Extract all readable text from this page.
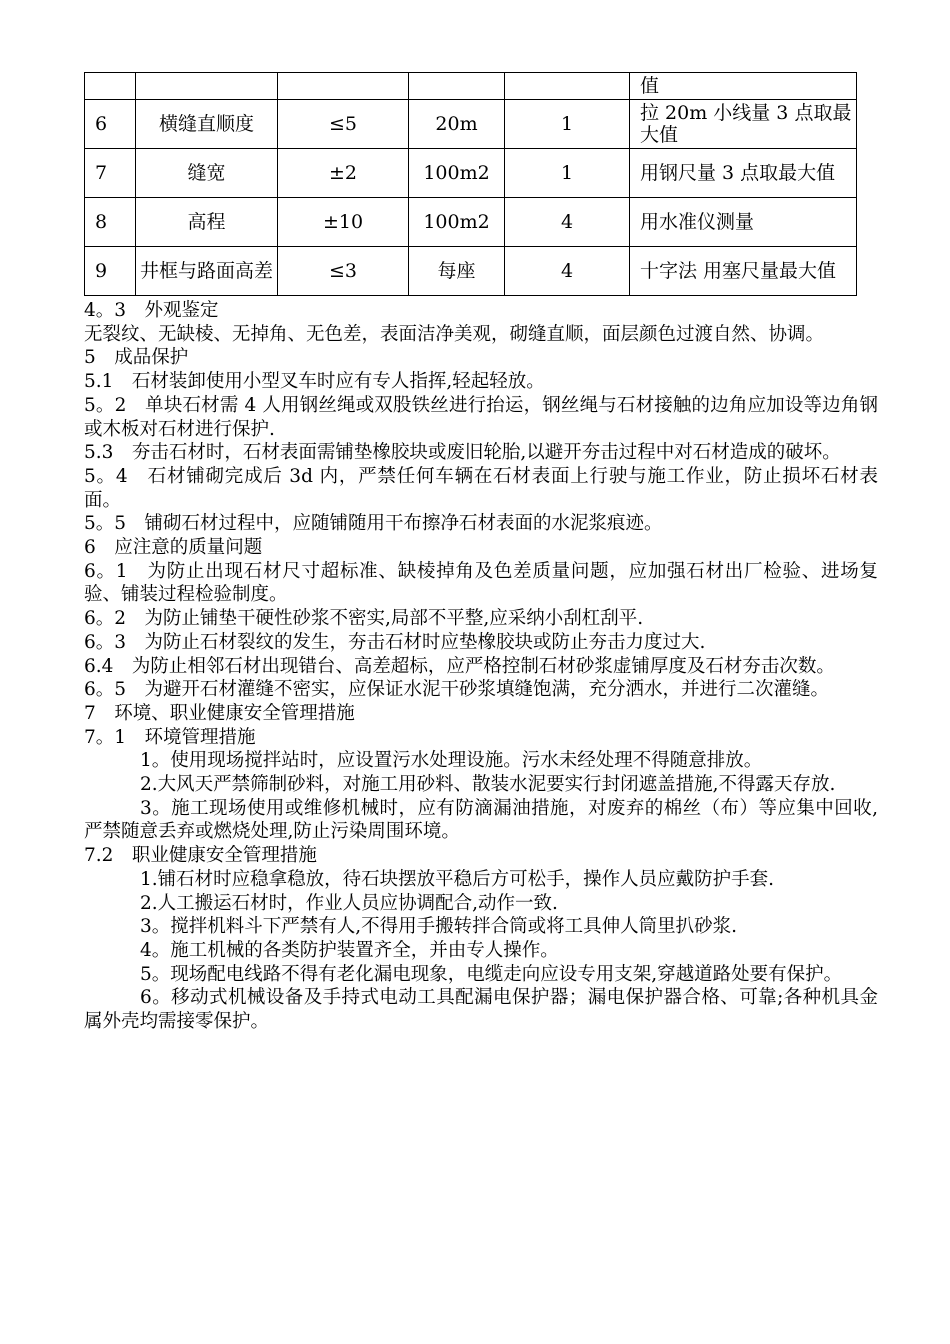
					值
6	横缝直顺度	≤5	20m	1	拉 20m 小线量 3 点取最大值
7	缝宽	±2	100m2	1	用钢尺量 3 点取最大值
8	高程	±10	100m2	4	用水准仪测量
9	井框与路面高差	≤3	每座	4	十字法 用塞尺量最大值

4。3　外观鉴定

无裂纹、无缺棱、无掉角、无色差，表面洁净美观，砌缝直顺，面层颜色过渡自然、协调。

5　成品保护

5.1　石材装卸使用小型叉车时应有专人指挥,轻起轻放。

5。2　单块石材需 4 人用钢丝绳或双股铁丝进行抬运，钢丝绳与石材接触的边角应加设等边角钢或木板对石材进行保护.

5.3　夯击石材时，石材表面需铺垫橡胶块或废旧轮胎,以避开夯击过程中对石材造成的破坏。

5。4　石材铺砌完成后 3d 内，严禁任何车辆在石材表面上行驶与施工作业，防止损坏石材表面。

5。5　铺砌石材过程中，应随铺随用干布擦净石材表面的水泥浆痕迹。

6　应注意的质量问题

6。1　为防止出现石材尺寸超标准、缺棱掉角及色差质量问题，应加强石材出厂检验、进场复验、铺装过程检验制度。

6。2　为防止铺垫干硬性砂浆不密实,局部不平整,应采纳小刮杠刮平.

6。3　为防止石材裂纹的发生，夯击石材时应垫橡胶块或防止夯击力度过大.

6.4　为防止相邻石材出现错台、高差超标，应严格控制石材砂浆虚铺厚度及石材夯击次数。

6。5　为避开石材灌缝不密实，应保证水泥干砂浆填缝饱满，充分洒水，并进行二次灌缝。

7　环境、职业健康安全管理措施

7。1　环境管理措施

1。使用现场搅拌站时，应设置污水处理设施。污水未经处理不得随意排放。

2.大风天严禁筛制砂料，对施工用砂料、散装水泥要实行封闭遮盖措施,不得露天存放.

3。施工现场使用或维修机械时，应有防滴漏油措施，对废弃的棉丝（布）等应集中回收,严禁随意丢弃或燃烧处理,防止污染周围环境。

7.2　职业健康安全管理措施

1.铺石材时应稳拿稳放，待石块摆放平稳后方可松手，操作人员应戴防护手套.

2.人工搬运石材时，作业人员应协调配合,动作一致.

3。搅拌机料斗下严禁有人,不得用手搬转拌合筒或将工具伸人筒里扒砂浆.

4。施工机械的各类防护装置齐全，并由专人操作。

5。现场配电线路不得有老化漏电现象，电缆走向应设专用支架,穿越道路处要有保护。

6。移动式机械设备及手持式电动工具配漏电保护器；漏电保护器合格、可靠;各种机具金属外壳均需接零保护。
